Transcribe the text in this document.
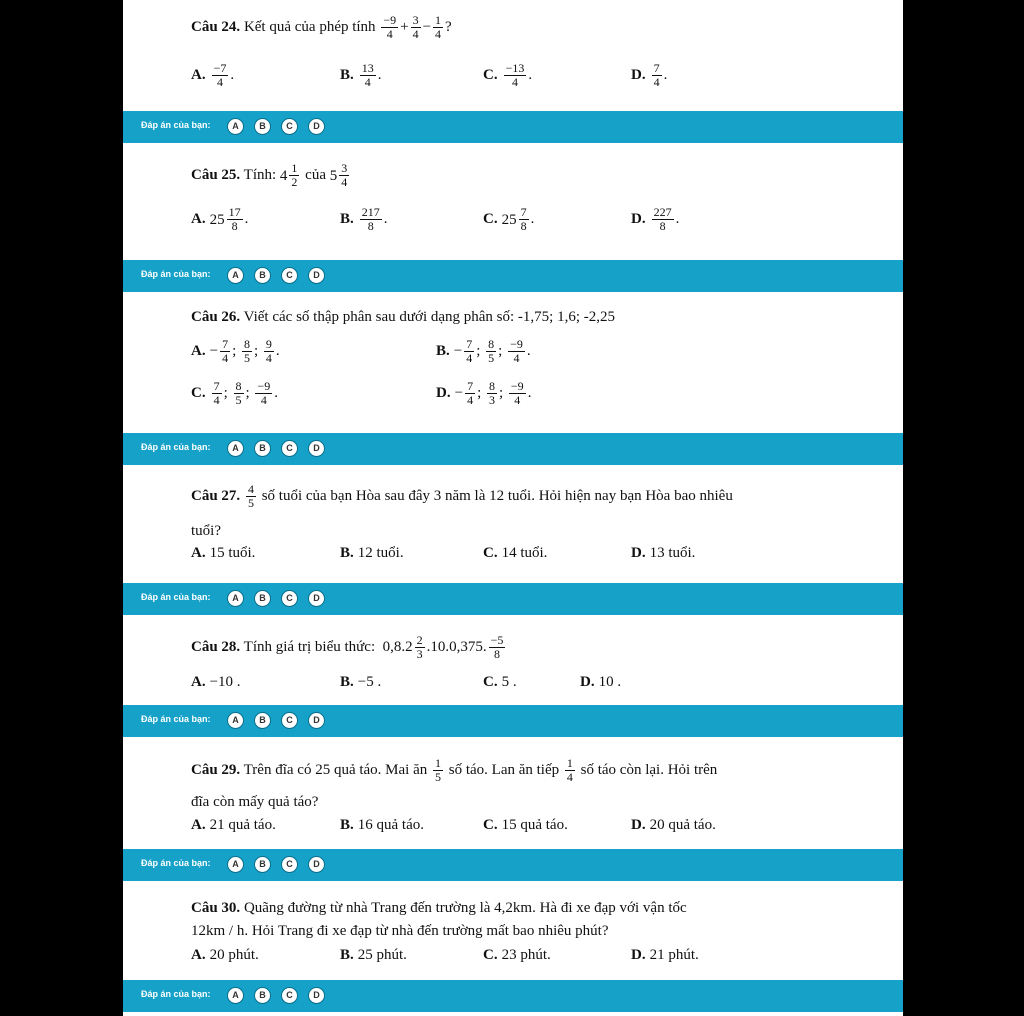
Câu 24. Kết quả của phép tính $\frac{-9}{4} + \frac{3}{4} - \frac{1}{4}$ ?
A. $\frac{-7}{4}$ .	B. $\frac{13}{4}$ .	C. $\frac{-13}{4}$ .	D. $\frac{7}{4}$ .
Đáp án của bạn:	A	B	C	D
Câu 25. Tính: $4 \frac{1}{2}$ của $5 \frac{3}{4}$
A. $25 \frac{17}{8}$ .	B. $\frac{217}{8}$ .	C. $25 \frac{7}{8}$ .	D. $\frac{227}{8}$ .
Đáp án của bạn:	A	B	C	D
Câu 26. Viết các số thập phân sau dưới dạng phân số: -1,75; 1,6; -2,25
A. − $\frac{7}{4}$ ; $\frac{8}{5}$ ; $\frac{9}{4}$ .	B. − $\frac{7}{4}$ ; $\frac{8}{5}$ ; $\frac{-9}{4}$ .
C. $\frac{7}{4}$ ; $\frac{8}{5}$ ; $\frac{-9}{4}$ .	D. − $\frac{7}{4}$ ; $\frac{8}{3}$ ; $\frac{-9}{4}$ .
Đáp án của bạn:	A	B	C	D
Câu 27. $\frac{4}{5}$ số tuổi của bạn Hòa sau đây 3 năm là 12 tuổi. Hỏi hiện nay bạn Hòa bao nhiêu
tuổi?
A. 15 tuổi.	B. 12 tuổi.	C. 14 tuổi.	D. 13 tuổi.
Đáp án của bạn:	A	B	C	D
Câu 28. Tính giá trị biểu thức: $0,8.2 \frac{2}{3} .10.0,375$. $\frac{-5}{8}$
A. −10 .	B. −5 .	C. 5 .	D. 10 .
Đáp án của bạn:	A	B	C	D
Câu 29. Trên đĩa có 25 quả táo. Mai ăn $\frac{1}{5}$ số táo. Lan ăn tiếp $\frac{1}{4}$ số táo còn lại. Hỏi trên
đĩa còn mấy quả táo?
A. 21 quả táo.	B. 16 quả táo.	C. 15 quả táo.	D. 20 quả táo.
Đáp án của bạn:	A	B	C	D
Câu 30. Quãng đường từ nhà Trang đến trường là 4,2km. Hà đi xe đạp với vận tốc
12km / h. Hỏi Trang đi xe đạp từ nhà đến trường mất bao nhiêu phút?
A. 20 phút.	B. 25 phút.	C. 23 phút.	D. 21 phút.
Đáp án của bạn:	A	B	C	D
